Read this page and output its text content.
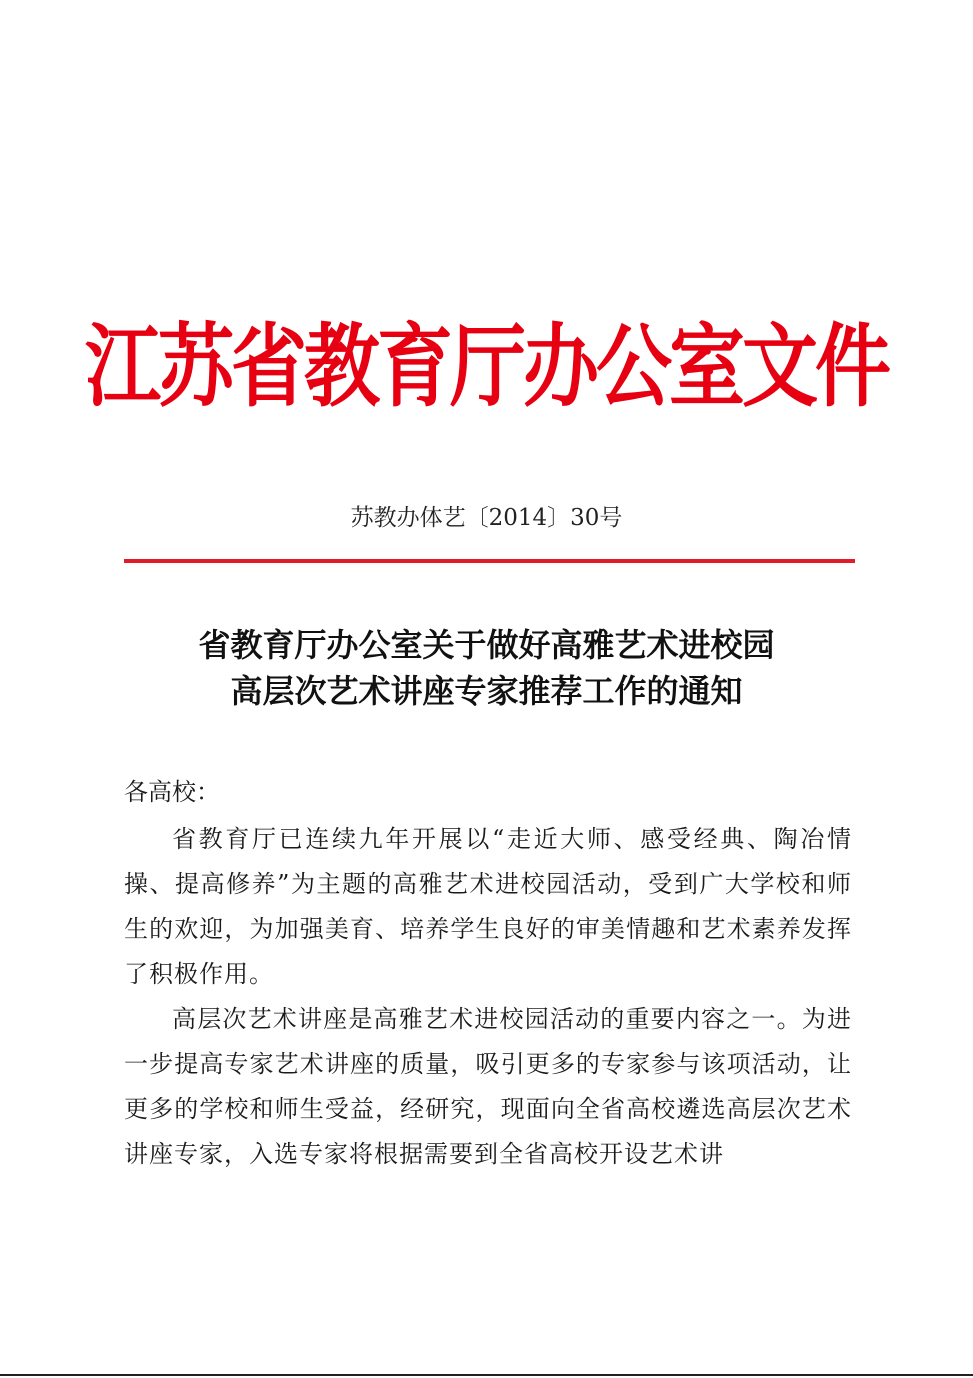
江苏省教育厅办公室文件
苏教办体艺〔2014〕30号
省教育厅办公室关于做好高雅艺术进校园
高层次艺术讲座专家推荐工作的通知
各高校：

省教育厅已连续九年开展以“走近大师、感受经典、陶冶情操、提高修养”为主题的高雅艺术进校园活动，受到广大学校和师生的欢迎，为加强美育、培养学生良好的审美情趣和艺术素养发挥了积极作用。

高层次艺术讲座是高雅艺术进校园活动的重要内容之一。为进一步提高专家艺术讲座的质量，吸引更多的专家参与该项活动，让更多的学校和师生受益，经研究，现面向全省高校遴选高层次艺术讲座专家，入选专家将根据需要到全省高校开设艺术讲
